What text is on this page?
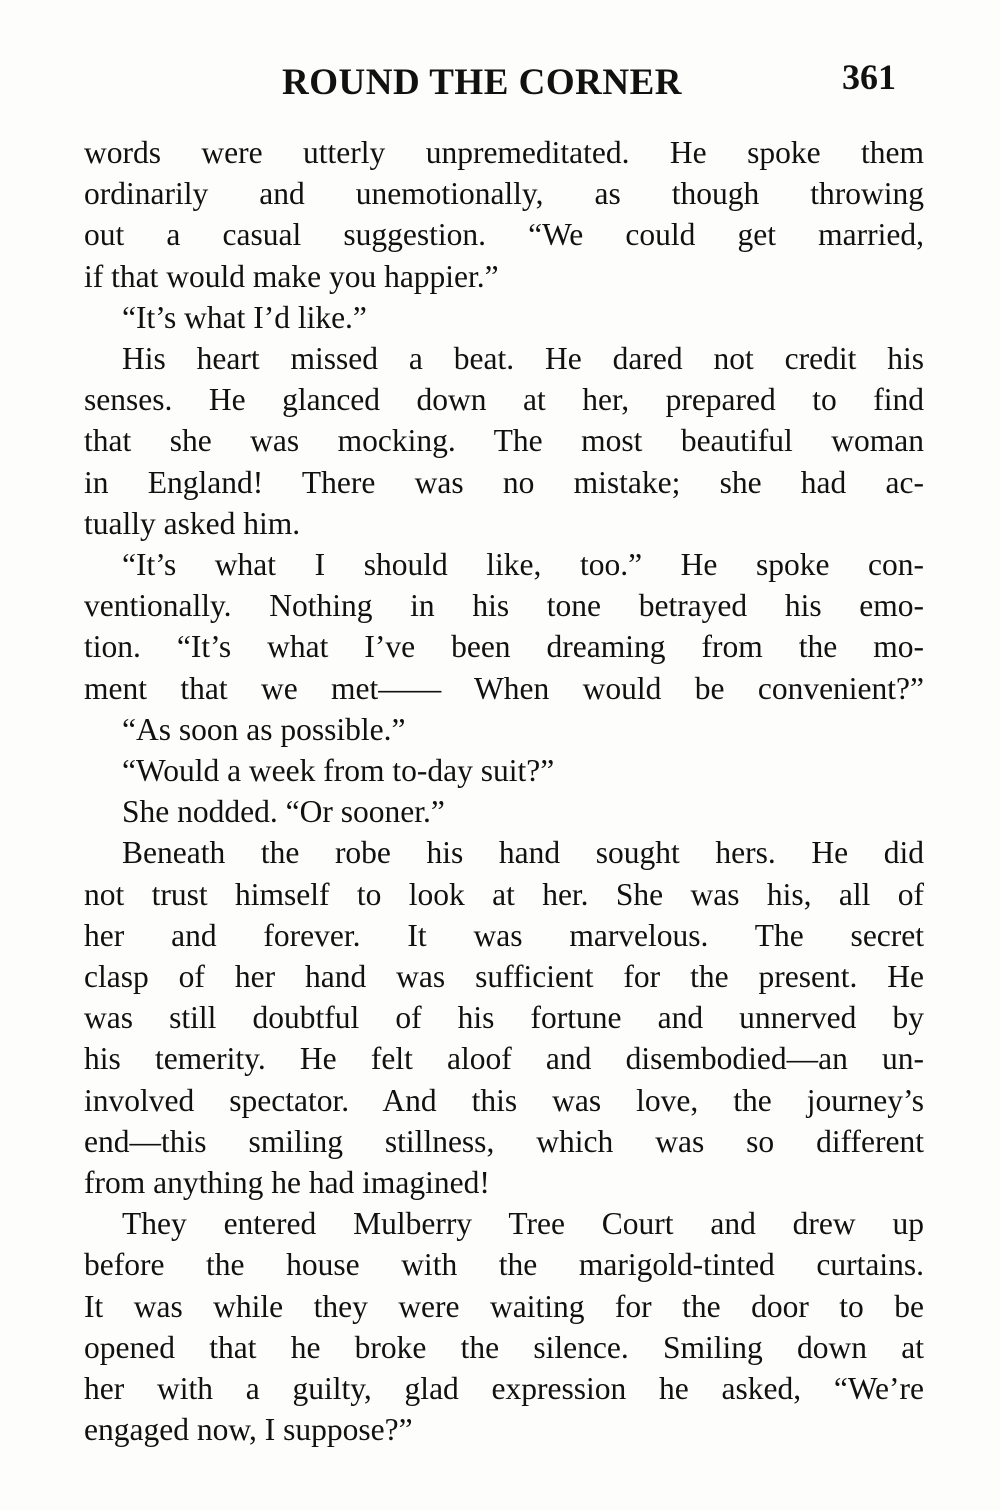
ROUND THE CORNER	361
words were utterly unpremeditated. He spoke them
ordinarily and unemotionally, as though throwing
out a casual suggestion. “We could get married,
if that would make you happier.”
“It’s what I’d like.”
His heart missed a beat. He dared not credit his
senses. He glanced down at her, prepared to find
that she was mocking. The most beautiful woman
in England! There was no mistake; she had ac-
tually asked him.
“It’s what I should like, too.” He spoke con-
ventionally. Nothing in his tone betrayed his emo-
tion. “It’s what I’ve been dreaming from the mo-
ment that we met—— When would be convenient?”
“As soon as possible.”
“Would a week from to-day suit?”
She nodded. “Or sooner.”
Beneath the robe his hand sought hers. He did
not trust himself to look at her. She was his, all of
her and forever. It was marvelous. The secret
clasp of her hand was sufficient for the present. He
was still doubtful of his fortune and unnerved by
his temerity. He felt aloof and disembodied—an un-
involved spectator. And this was love, the journey’s
end—this smiling stillness, which was so different
from anything he had imagined!
They entered Mulberry Tree Court and drew up
before the house with the marigold-tinted curtains.
It was while they were waiting for the door to be
opened that he broke the silence. Smiling down at
her with a guilty, glad expression he asked, “We’re
engaged now, I suppose?”
